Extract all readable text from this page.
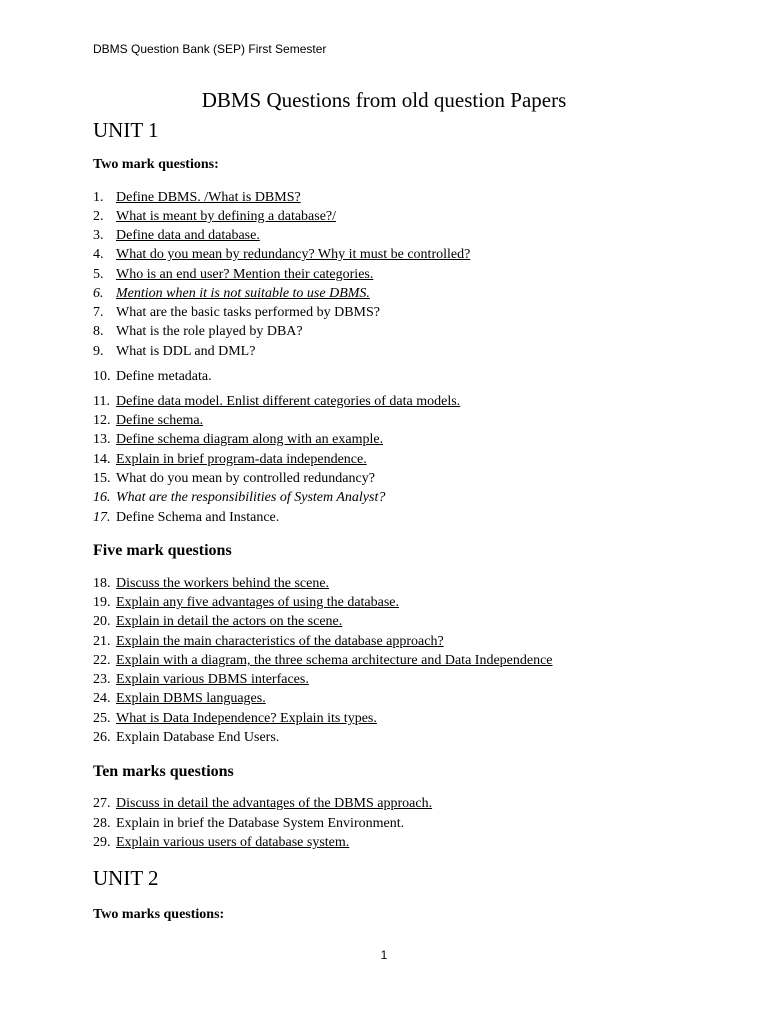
DBMS Question Bank (SEP) First Semester
DBMS Questions from old question Papers
UNIT 1
Two mark questions:
1. Define DBMS. /What is DBMS?
2. What is meant by defining a database?/
3. Define data and database.
4. What do you mean by redundancy? Why it must be controlled?
5. Who is an end user? Mention their categories.
6. Mention when it is not suitable to use DBMS.
7. What are the basic tasks performed by DBMS?
8. What is the role played by DBA?
9. What is DDL and DML?
10. Define metadata.
11. Define data model. Enlist different categories of data models.
12. Define schema.
13. Define schema diagram along with an example.
14. Explain in brief program-data independence.
15. What do you mean by controlled redundancy?
16. What are the responsibilities of System Analyst?
17. Define Schema and Instance.
Five mark questions
18. Discuss the workers behind the scene.
19. Explain any five advantages of using the database.
20. Explain in detail the actors on the scene.
21. Explain the main characteristics of the database approach?
22. Explain with a diagram, the three schema architecture and Data Independence
23. Explain various DBMS interfaces.
24. Explain DBMS languages.
25. What is Data Independence? Explain its types.
26. Explain Database End Users.
Ten marks questions
27. Discuss in detail the advantages of the DBMS approach.
28. Explain in brief the Database System Environment.
29. Explain various users of database system.
UNIT 2
Two marks questions:
1
